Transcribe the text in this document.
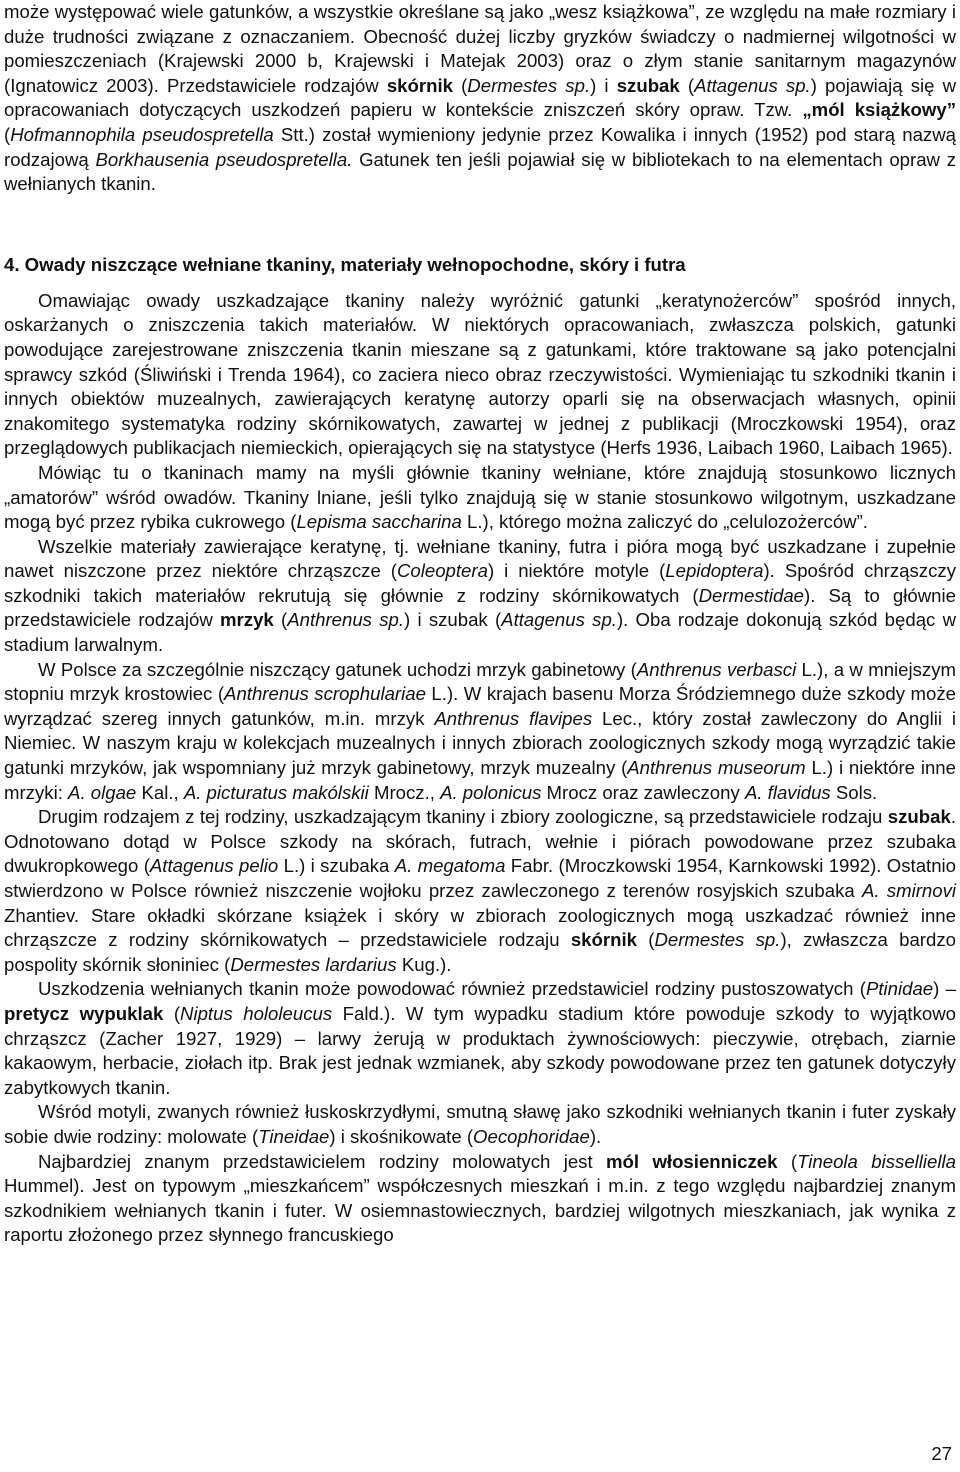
może występować wiele gatunków, a wszystkie określane są jako „wesz książkowa”, ze względu na małe rozmiary i duże trudności związane z oznaczaniem. Obecność dużej liczby gryzków świadczy o nadmiernej wilgotności w pomieszczeniach (Krajewski 2000 b, Krajewski i Matejak 2003) oraz o złym stanie sanitarnym magazynów (Ignatowicz 2003). Przedstawiciele rodzajów skórnik (Dermestes sp.) i szubak (Attagenus sp.) pojawiają się w opracowaniach dotyczących uszkodzeń papieru w kontekście zniszczeń skóry opraw. Tzw. „mól książkowy” (Hofmannophila pseudospretella Stt.) został wymieniony jedynie przez Kowalika i innych (1952) pod starą nazwą rodzajową Borkhausenia pseudospretella. Gatunek ten jeśli pojawiał się w bibliotekach to na elementach opraw z wełnianych tkanin.

4. Owady niszczące wełniane tkaniny, materiały wełnopochodne, skóry i futra

Omawiając owady uszkadzające tkaniny należy wyróżnić gatunki „keratynożerców” spośród innych, oskarżanych o zniszczenia takich materiałów. W niektórych opracowaniach, zwłaszcza polskich, gatunki powodujące zarejestrowane zniszczenia tkanin mieszane są z gatunkami, które traktowane są jako potencjalni sprawcy szkód (Śliwiński i Trenda 1964), co zaciera nieco obraz rzeczywistości. Wymieniając tu szkodniki tkanin i innych obiektów muzealnych, zawierających keratynę autorzy oparli się na obserwacjach własnych, opinii znakomitego systematyka rodziny skórnikowatych, zawartej w jednej z publikacji (Mroczkowski 1954), oraz przeglądowych publikacjach niemieckich, opierających się na statystyce (Herfs 1936, Laibach 1960, Laibach 1965).

Mówiąc tu o tkaninach mamy na myśli głównie tkaniny wełniane, które znajdują stosunkowo licznych „amatorów” wśród owadów. Tkaniny lniane, jeśli tylko znajdują się w stanie stosunkowo wilgotnym, uszkadzane mogą być przez rybika cukrowego (Lepisma saccharina L.), którego można zaliczyć do „celulozożerców”.

Wszelkie materiały zawierające keratynę, tj. wełniane tkaniny, futra i pióra mogą być uszkadzane i zupełnie nawet niszczone przez niektóre chrząszcze (Coleoptera) i niektóre motyle (Lepidoptera). Spośród chrząszczy szkodniki takich materiałów rekrutują się głównie z rodziny skórnikowatych (Dermestidae). Są to głównie przedstawiciele rodzajów mrzyk (Anthrenus sp.) i szubak (Attagenus sp.). Oba rodzaje dokonują szkód będąc w stadium larwalnym.

W Polsce za szczególnie niszczący gatunek uchodzi mrzyk gabinetowy (Anthrenus verbasci L.), a w mniejszym stopniu mrzyk krostowiec (Anthrenus scrophulariae L.). W krajach basenu Morza Śródziemnego duże szkody może wyrządzać szereg innych gatunków, m.in. mrzyk Anthrenus flavipes Lec., który został zawleczony do Anglii i Niemiec. W naszym kraju w kolekcjach muzealnych i innych zbiorach zoologicznych szkody mogą wyrządzić takie gatunki mrzyków, jak wspomniany już mrzyk gabinetowy, mrzyk muzealny (Anthrenus museorum L.) i niektóre inne mrzyki: A. olgae Kal., A. picturatus makólskii Mrocz., A. polonicus Mrocz oraz zawleczony A. flavidus Sols.

Drugim rodzajem z tej rodziny, uszkadzającym tkaniny i zbiory zoologiczne, są przedstawiciele rodzaju szubak. Odnotowano dotąd w Polsce szkody na skórach, futrach, wełnie i piórach powodowane przez szubaka dwukropkowego (Attagenus pelio L.) i szubaka A. megatoma Fabr. (Mroczkowski 1954, Karnkowski 1992). Ostatnio stwierdzono w Polsce również niszczenie wojłoku przez zawleczonego z terenów rosyjskich szubaka A. smirnovi Zhantiev. Stare okładki skórzane książek i skóry w zbiorach zoologicznych mogą uszkadzać również inne chrząszcze z rodziny skórnikowatych – przedstawiciele rodzaju skórnik (Dermestes sp.), zwłaszcza bardzo pospolity skórnik słoniniec (Dermestes lardarius Kug.).

Uszkodzenia wełnianych tkanin może powodować również przedstawiciel rodziny pustoszowatych (Ptinidae) – pretycz wypuklak (Niptus hololeucus Fald.). W tym wypadku stadium które powoduje szkody to wyjątkowo chrząszcz (Zacher 1927, 1929) – larwy żerują w produktach żywnościowych: pieczywie, otrębach, ziarnie kakaowym, herbacie, ziołach itp. Brak jest jednak wzmianek, aby szkody powodowane przez ten gatunek dotyczyły zabytkowych tkanin.

Wśród motyli, zwanych również łuskoskrzydłymi, smutną sławę jako szkodniki wełnianych tkanin i futer zyskały sobie dwie rodziny: molowate (Tineidae) i skośnikowate (Oecophoridae).

Najbardziej znanym przedstawicielem rodziny molowatych jest mól włosienniczek (Tineola bisselliella Hummel). Jest on typowym „mieszkańcem” współczesnych mieszkań i m.in. z tego względu najbardziej znanym szkodnikiem wełnianych tkanin i futer. W osiemnastowiecznych, bardziej wilgotnych mieszkaniach, jak wynika z raportu złożonego przez słynnego francuskiego

27
